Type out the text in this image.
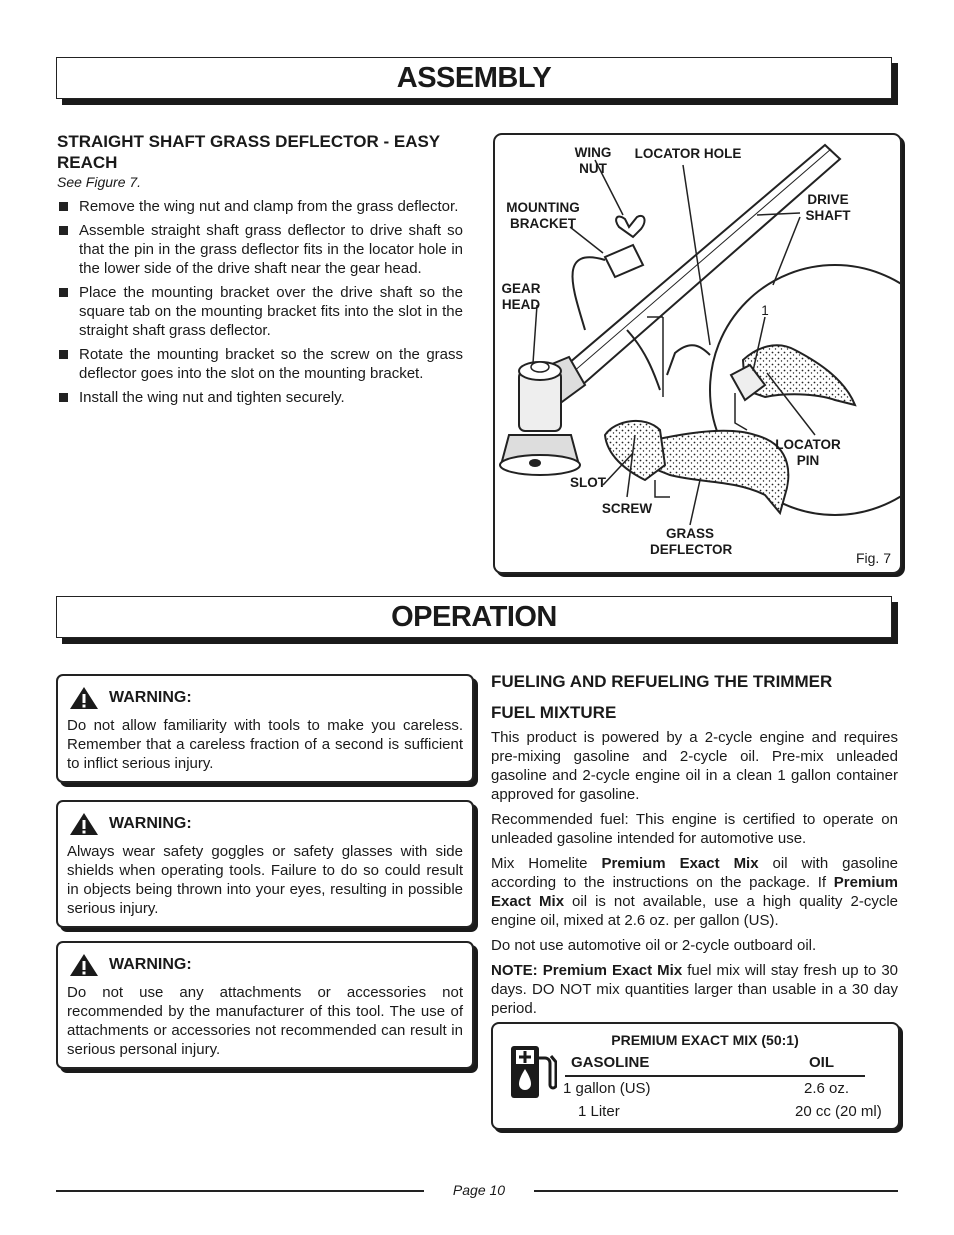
ASSEMBLY
STRAIGHT SHAFT GRASS DEFLECTOR - EASY REACH
See Figure 7.
Remove the wing nut and clamp from the grass deflector.
Assemble straight shaft grass deflector to drive shaft so that the pin in the grass deflector fits in the locator hole in the lower side of the drive shaft near the gear head.
Place the mounting bracket over the drive shaft so the square tab on the mounting bracket fits into the slot in the straight shaft grass deflector.
Rotate the mounting bracket so the screw on the grass deflector goes into the slot on the mounting bracket.
Install the wing nut and tighten securely.
WING NUT
LOCATOR HOLE
DRIVE SHAFT
MOUNTING BRACKET
GEAR HEAD	1
LOCATOR PIN
SLOT
SCREW
GRASS DEFLECTOR
Fig. 7
OPERATION
WARNING:

Do not allow familiarity with tools to make you careless. Remember that a careless fraction of a second is sufficient to inflict serious injury.

WARNING:

Always wear safety goggles or safety glasses with side shields when operating tools. Failure to do so could result in objects being thrown into your eyes, resulting in possible serious injury.

WARNING:

Do not use any attachments or accessories not recommended by the manufacturer of this tool. The use of attachments or accessories not recommended can result in serious personal injury.

FUELING AND REFUELING THE TRIMMER
FUEL MIXTURE

This product is powered by a 2-cycle engine and requires pre-mixing gasoline and 2-cycle oil. Pre-mix unleaded gasoline and 2-cycle engine oil in a clean 1 gallon container approved for gasoline.

Recommended fuel: This engine is certified to operate on unleaded gasoline intended for automotive use.

Mix Homelite Premium Exact Mix oil with gasoline according to the instructions on the package. If Premium Exact Mix oil is not available, use a high quality 2-cycle engine oil, mixed at 2.6 oz. per gallon (US).

Do not use automotive oil or 2-cycle outboard oil.

NOTE: Premium Exact Mix fuel mix will stay fresh up to 30 days. DO NOT mix quantities larger than usable in a 30 day period.

PREMIUM EXACT MIX (50:1)
GASOLINE	OIL
1 gallon (US)	2.6 oz.
1 Liter	20 cc (20 ml)
Page 10
